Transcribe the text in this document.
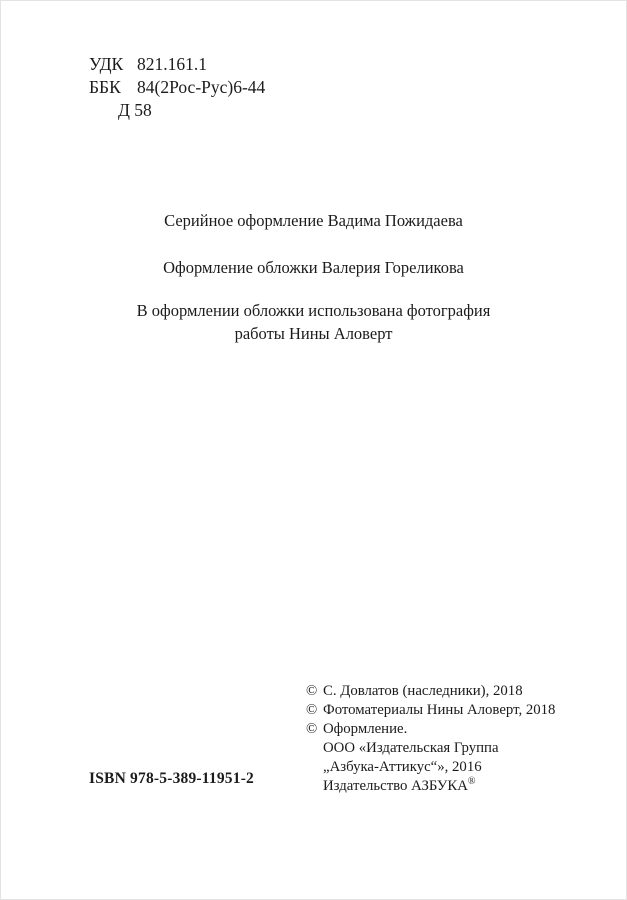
УДК 821.161.1
ББК 84(2Рос-Рус)6-44
Д 58
Серийное оформление Вадима Пожидаева
Оформление обложки Валерия Гореликова
В оформлении обложки использована фотография
работы Нины Аловерт
© С. Довлатов (наследники), 2018
© Фотоматериалы Нины Аловерт, 2018
© Оформление.
ООО «Издательская Группа
„Азбука-Аттикус“», 2016
Издательство АЗБУКА®
ISBN 978-5-389-11951-2
